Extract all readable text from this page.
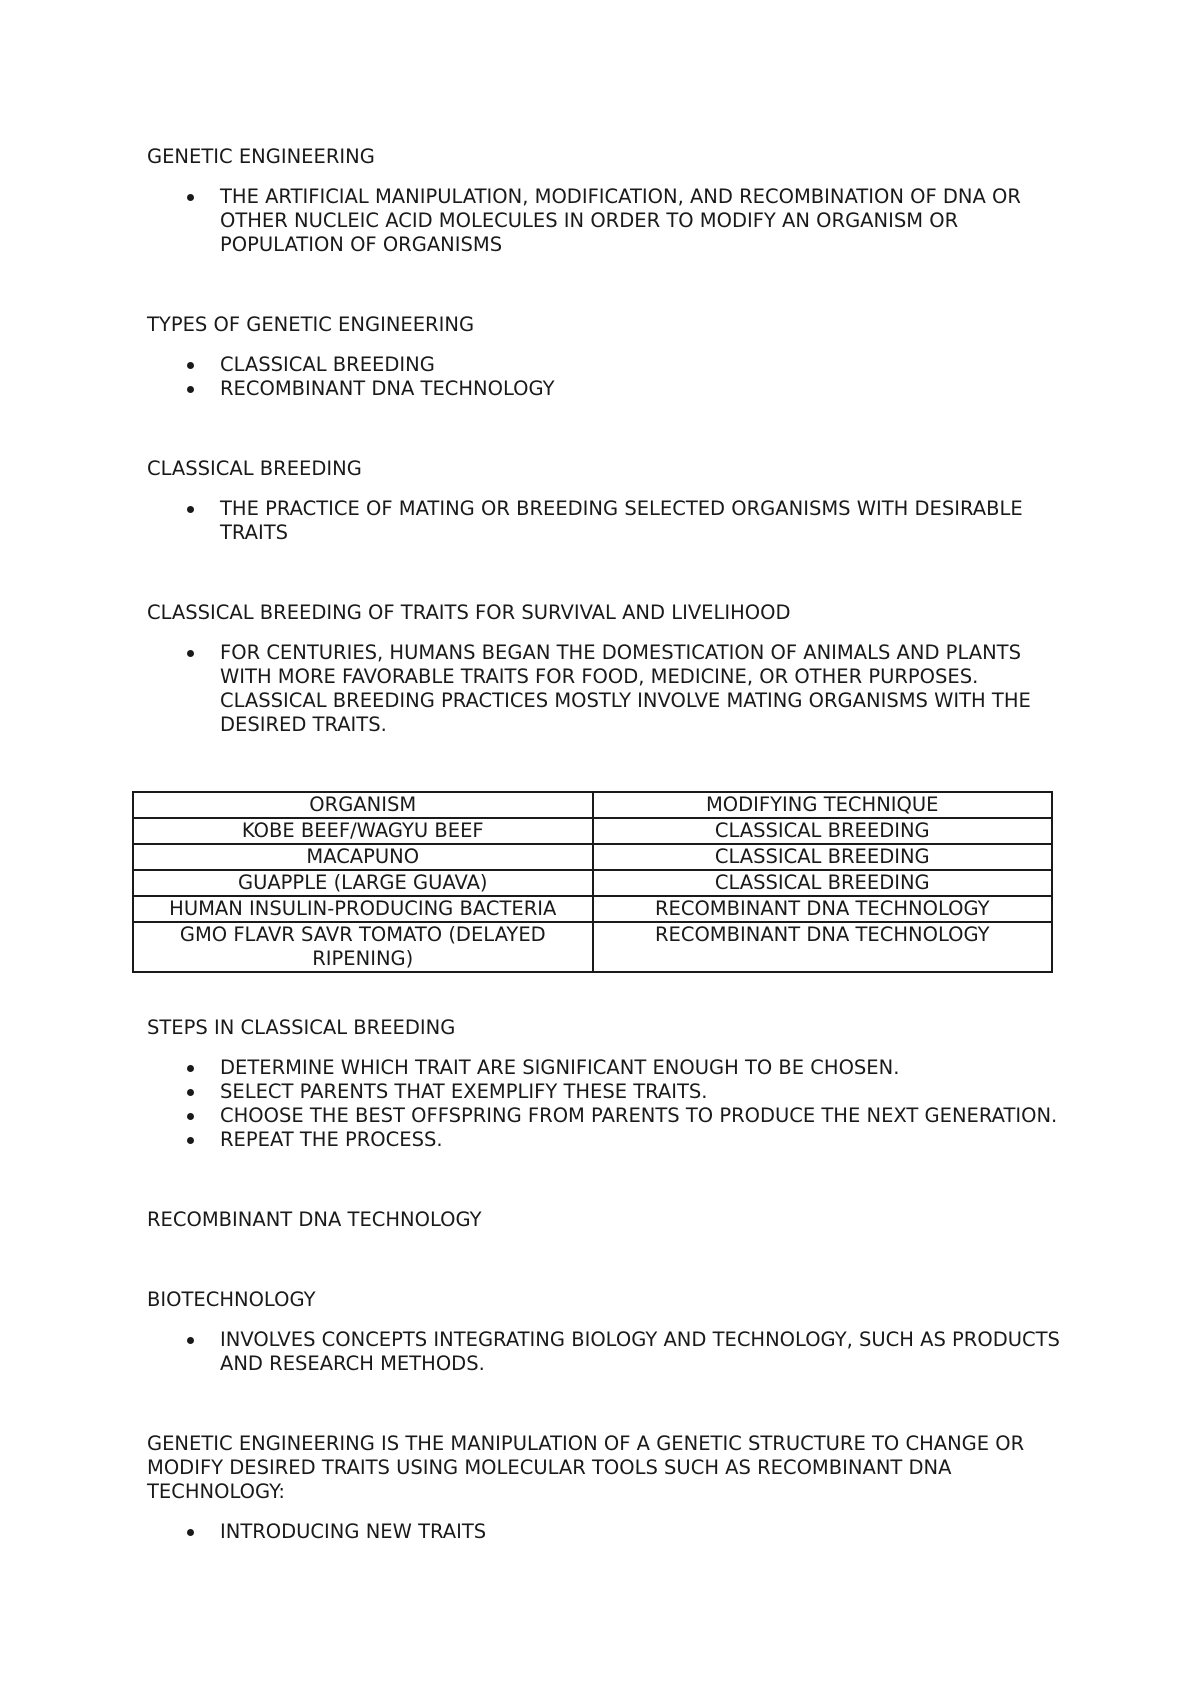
GENETIC ENGINEERING

THE ARTIFICIAL MANIPULATION, MODIFICATION, AND RECOMBINATION OF DNA OR OTHER NUCLEIC ACID MOLECULES IN ORDER TO MODIFY AN ORGANISM OR POPULATION OF ORGANISMS

TYPES OF GENETIC ENGINEERING

CLASSICAL BREEDING
RECOMBINANT DNA TECHNOLOGY

CLASSICAL BREEDING

THE PRACTICE OF MATING OR BREEDING SELECTED ORGANISMS WITH DESIRABLE TRAITS

CLASSICAL BREEDING OF TRAITS FOR SURVIVAL AND LIVELIHOOD

FOR CENTURIES, HUMANS BEGAN THE DOMESTICATION OF ANIMALS AND PLANTS WITH MORE FAVORABLE TRAITS FOR FOOD, MEDICINE, OR OTHER PURPOSES. CLASSICAL BREEDING PRACTICES MOSTLY INVOLVE MATING ORGANISMS WITH THE DESIRED TRAITS.

STEPS IN CLASSICAL BREEDING

DETERMINE WHICH TRAIT ARE SIGNIFICANT ENOUGH TO BE CHOSEN.
SELECT PARENTS THAT EXEMPLIFY THESE TRAITS.
CHOOSE THE BEST OFFSPRING FROM PARENTS TO PRODUCE THE NEXT GENERATION.
REPEAT THE PROCESS.

RECOMBINANT DNA TECHNOLOGY

BIOTECHNOLOGY

INVOLVES CONCEPTS INTEGRATING BIOLOGY AND TECHNOLOGY, SUCH AS PRODUCTS AND RESEARCH METHODS.

GENETIC ENGINEERING IS THE MANIPULATION OF A GENETIC STRUCTURE TO CHANGE OR MODIFY DESIRED TRAITS USING MOLECULAR TOOLS SUCH AS RECOMBINANT DNA TECHNOLOGY:

INTRODUCING NEW TRAITS
ORGANISM	MODIFYING TECHNIQUE
KOBE BEEF/WAGYU BEEF	CLASSICAL BREEDING
MACAPUNO	CLASSICAL BREEDING
GUAPPLE (LARGE GUAVA)	CLASSICAL BREEDING
HUMAN INSULIN-PRODUCING BACTERIA	RECOMBINANT DNA TECHNOLOGY
GMO FLAVR SAVR TOMATO (DELAYED RIPENING)	RECOMBINANT DNA TECHNOLOGY
